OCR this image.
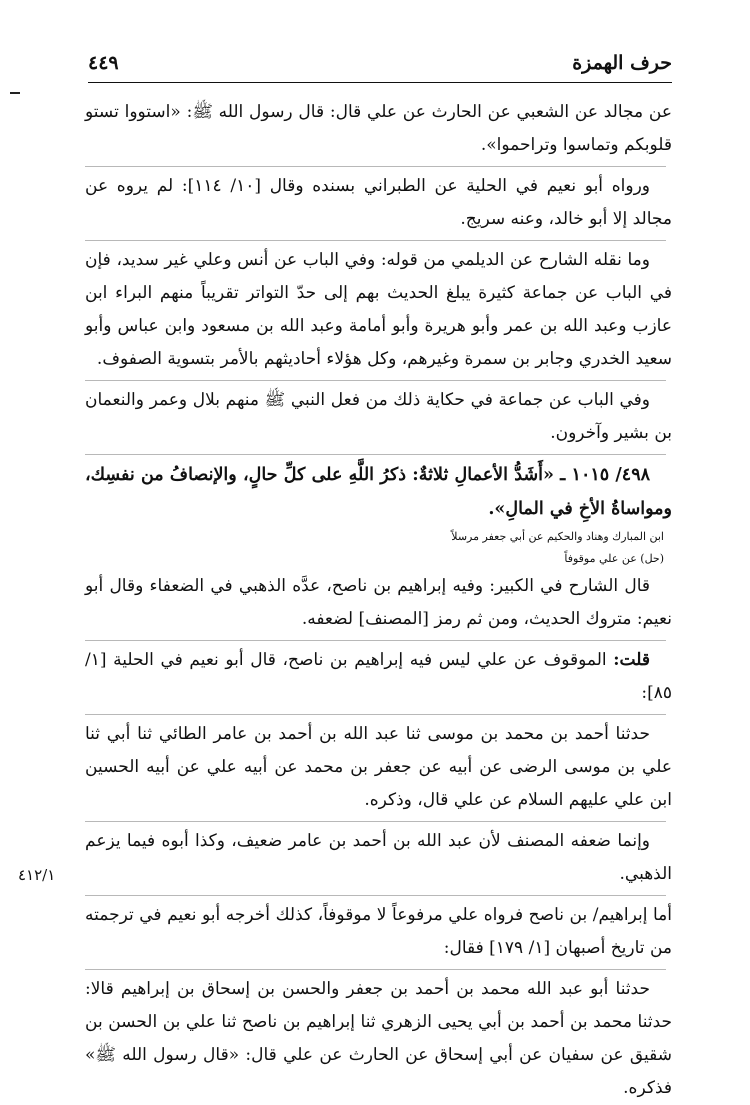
حرف الهمزة
٤٤٩

عن مجالد عن الشعبي عن الحارث عن علي قال: قال رسول الله ﷺ: «استووا تستو قلوبكم وتماسوا وتراحموا».

ورواه أبو نعيم في الحلية عن الطبراني بسنده وقال [١٠/ ١١٤]: لم يروه عن مجالد إلا أبو خالد، وعنه سريج.

وما نقله الشارح عن الديلمي من قوله: وفي الباب عن أنس وعلي غير سديد، فإن في الباب عن جماعة كثيرة يبلغ الحديث بهم إلى حدّ التواتر تقريباً منهم البراء ابن عازب وعبد الله بن عمر وأبو هريرة وأبو أمامة وعبد الله بن مسعود وابن عباس وأبو سعيد الخدري وجابر بن سمرة وغيرهم، وكل هؤلاء أحاديثهم بالأمر بتسوية الصفوف.

وفي الباب عن جماعة في حكاية ذلك من فعل النبي ﷺ منهم بلال وعمر والنعمان بن بشير وآخرون.

٤٩٨/ ١٠١٥ ـ «أَشَدُّ الأعمالِ ثلاثةٌ: ذكرُ اللَّهِ على كلِّ حالٍ، والإنصافُ من نفسِك، ومواساةُ الأخِ في المالِ».

ابن المبارك وهناد والحكيم عن أبي جعفر مرسلاً

(حل) عن علي موقوفاً

قال الشارح في الكبير: وفيه إبراهيم بن ناصح، عدَّه الذهبي في الضعفاء وقال أبو نعيم: متروك الحديث، ومن ثم رمز [المصنف] لضعفه.

قلت: الموقوف عن علي ليس فيه إبراهيم بن ناصح، قال أبو نعيم في الحلية [١/ ٨٥]:

حدثنا أحمد بن محمد بن موسى ثنا عبد الله بن أحمد بن عامر الطائي ثنا أبي ثنا علي بن موسى الرضى عن أبيه عن جعفر بن محمد عن أبيه علي عن أبيه الحسين ابن علي عليهم السلام عن علي قال، وذكره.

وإنما ضعفه المصنف لأن عبد الله بن أحمد بن عامر ضعيف، وكذا أبوه فيما يزعم الذهبي.

أما إبراهيم/ بن ناصح فرواه علي مرفوعاً لا موقوفاً، كذلك أخرجه أبو نعيم في ترجمته من تاريخ أصبهان [١/ ١٧٩] فقال:

حدثنا أبو عبد الله محمد بن أحمد بن جعفر والحسن بن إسحاق بن إبراهيم قالا: حدثنا محمد بن أحمد بن أبي يحيى الزهري ثنا إبراهيم بن ناصح ثنا علي بن الحسن بن شقيق عن سفيان عن أبي إسحاق عن الحارث عن علي قال: «قال رسول الله ﷺ» فذكره.

٤١٢/١
